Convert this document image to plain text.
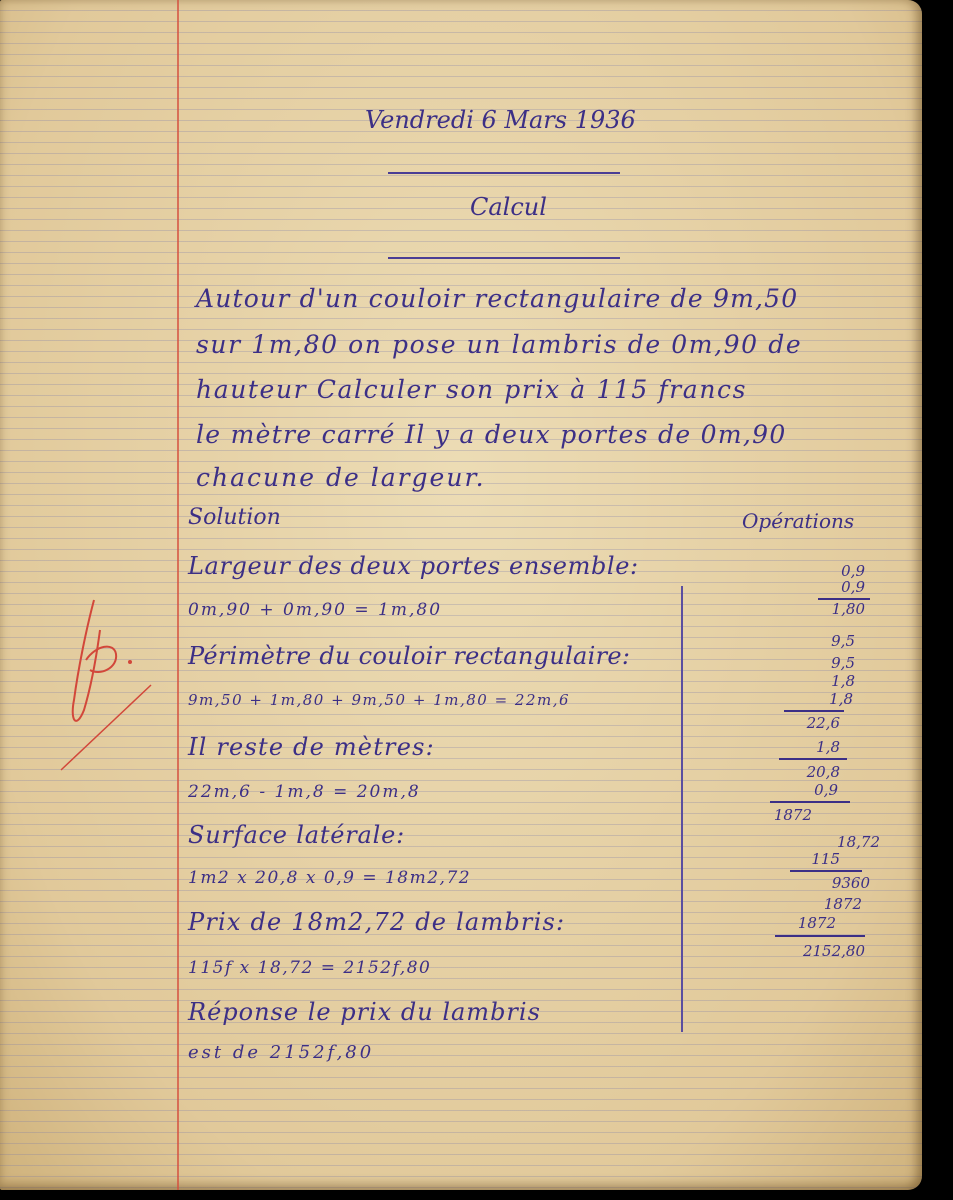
Vendredi 6 Mars 1936
Calcul
Autour d'un couloir rectangulaire de 9m,50
sur 1m,80 on pose un lambris de 0m,90 de
hauteur Calculer son prix à 115 francs
le mètre carré Il y a deux portes de 0m,90
chacune de largeur.
Solution	Opérations
Largeur des deux portes ensemble:
0m,90 + 0m,90 = 1m,80
Périmètre du couloir rectangulaire:
9m,50 + 1m,80 + 9m,50 + 1m,80 = 22m,6
Il reste de mètres:
22m,6 - 1m,8 = 20m,8
Surface latérale:
1m2 x 20,8 x 0,9 = 18m2,72
Prix de 18m2,72 de lambris:
115f x 18,72 = 2152f,80
Réponse le prix du lambris
est de 2152f,80
0,9
0,9
1,80
9,5
9,5
1,8
1,8
22,6
1,8
20,8
0,9
1872
18,72
115
9360
1872
1872
2152,80
